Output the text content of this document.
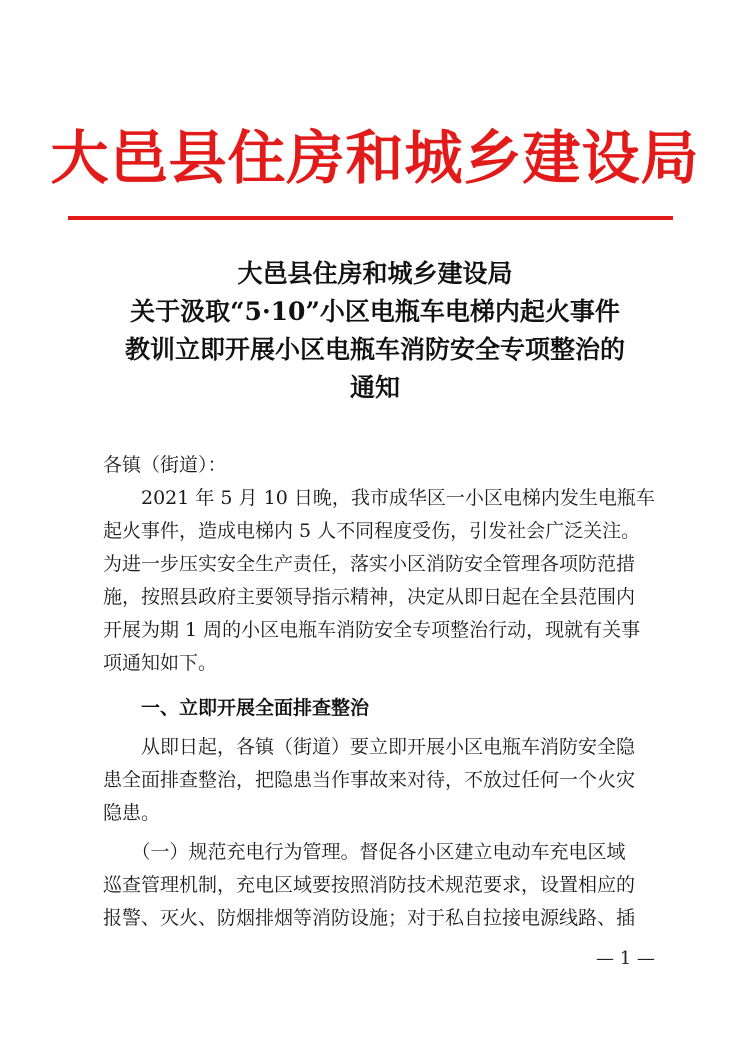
大邑县住房和城乡建设局
大邑县住房和城乡建设局
关于汲取“5·10”小区电瓶车电梯内起火事件
教训立即开展小区电瓶车消防安全专项整治的
通知
各镇（街道）：
　　2021 年 5 月 10 日晚，我市成华区一小区电梯内发生电瓶车
起火事件，造成电梯内 5 人不同程度受伤，引发社会广泛关注。
为进一步压实安全生产责任，落实小区消防安全管理各项防范措
施，按照县政府主要领导指示精神，决定从即日起在全县范围内
开展为期 1 周的小区电瓶车消防安全专项整治行动，现就有关事
项通知如下。
一、立即开展全面排查整治
　　从即日起，各镇（街道）要立即开展小区电瓶车消防安全隐
患全面排查整治，把隐患当作事故来对待，不放过任何一个火灾
隐患。
　　（一）规范充电行为管理。督促各小区建立电动车充电区域
巡查管理机制，充电区域要按照消防技术规范要求，设置相应的
报警、灭火、防烟排烟等消防设施；对于私自拉接电源线路、插
— 1 —
